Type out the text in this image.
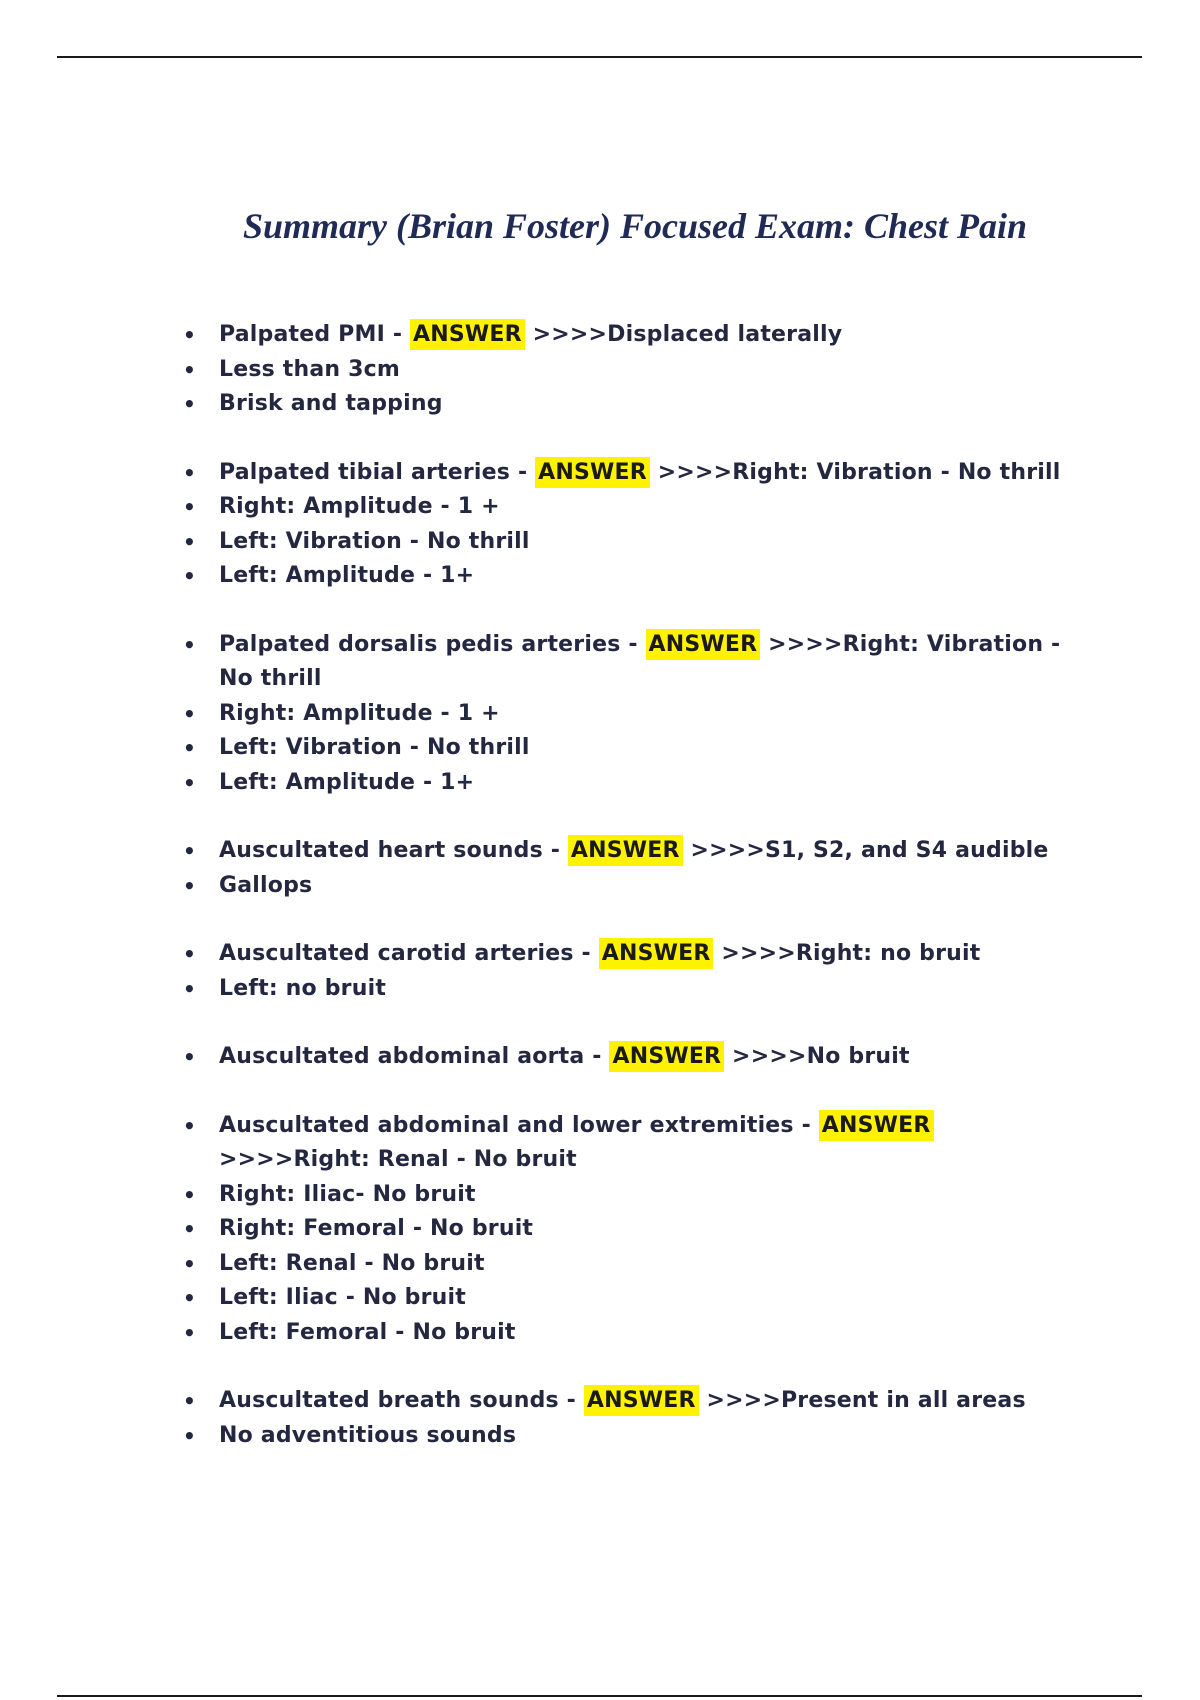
Summary (Brian Foster) Focused Exam: Chest Pain
• Palpated PMI - ANSWER >>>>Displaced laterally
• Less than 3cm
• Brisk and tapping
• Palpated tibial arteries - ANSWER >>>>Right: Vibration - No thrill
• Right: Amplitude - 1 +
• Left: Vibration - No thrill
• Left: Amplitude - 1+
• Palpated dorsalis pedis arteries - ANSWER >>>>Right: Vibration - No thrill
• Right: Amplitude - 1 +
• Left: Vibration - No thrill
• Left: Amplitude - 1+
• Auscultated heart sounds - ANSWER >>>>S1, S2, and S4 audible
• Gallops
• Auscultated carotid arteries - ANSWER >>>>Right: no bruit
• Left: no bruit
• Auscultated abdominal aorta - ANSWER >>>>No bruit
• Auscultated abdominal and lower extremities - ANSWER >>>>Right: Renal - No bruit
• Right: Iliac- No bruit
• Right: Femoral - No bruit
• Left: Renal - No bruit
• Left: Iliac - No bruit
• Left: Femoral - No bruit
• Auscultated breath sounds - ANSWER >>>>Present in all areas
• No adventitious sounds
